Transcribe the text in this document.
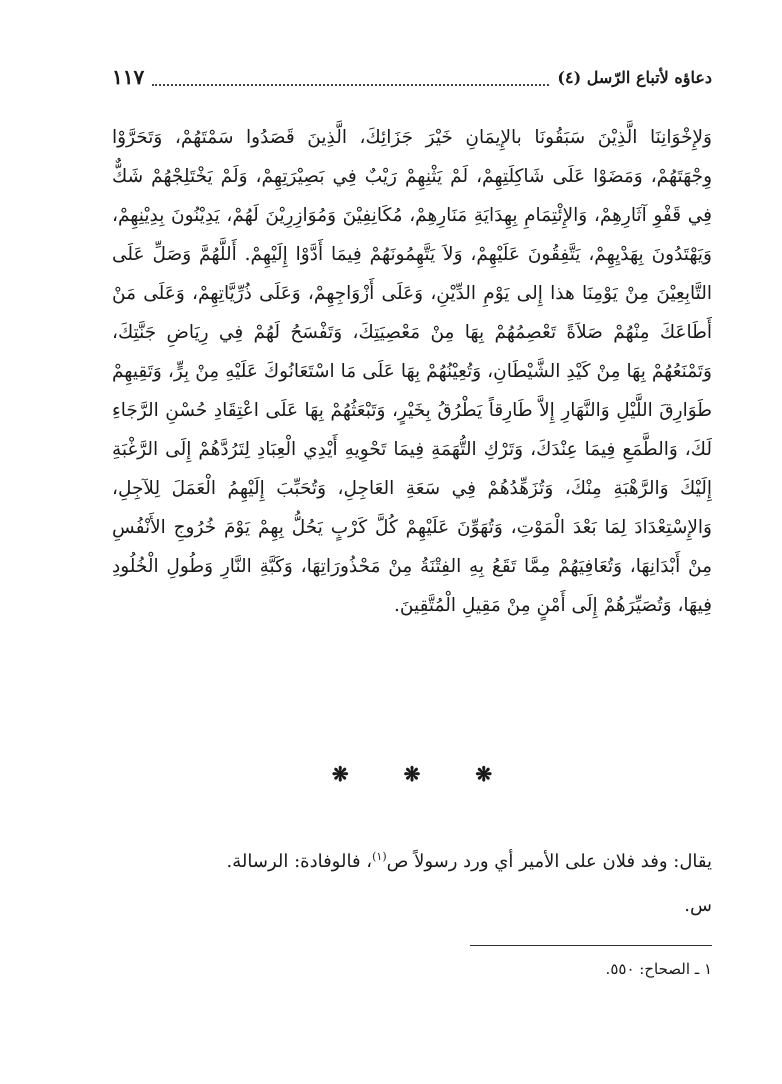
دعاؤه لأتباع الرّسل (٤)
١١٧

وَلإِخْوَانِنَا الَّذِيْنَ سَبَقُونَا بالإِيمَانِ خَيْرَ جَزَائِكَ، الَّذِينَ قَصَدُوا سَمْتَهُمْ، وَتَحَرَّوْا وِجْهَتَهُمْ، وَمَضَوْا عَلَى شَاكِلَتِهِمْ، لَمْ يَثْنِهِمْ رَيْبٌ فِي بَصِيْرَتِهِمْ، وَلَمْ يَخْتَلِجْهُمْ شَكٌّ فِي قَفْوِ آثَارِهِمْ، وَالإِئْتِمَامِ بِهِدَايَةِ مَنَارِهِمْ، مُكَانِفِيْنَ وَمُوَازِرِيْنَ لَهُمْ، يَدِيْنُونَ بِدِيْنِهِمْ، وَيَهْتَدُونَ بِهَدْيِهِمْ، يَتَّفِقُونَ عَلَيْهِمْ، وَلاَ يَتَّهِمُونَهُمْ فِيمَا أَدَّوْا إِلَيْهِمْ. أَللَّهُمَّ وَصَلِّ عَلَى التَّابِعِيْنَ مِنْ يَوْمِنَا هذا إِلى يَوْمِ الدِّيْنِ، وَعَلَى أَزْوَاجِهِمْ، وَعَلَى ذُرِّيَّاتِهِمْ، وَعَلَى مَنْ أَطَاعَكَ مِنْهُمْ صَلاَةً تَعْصِمُهُمْ بِهَا مِنْ مَعْصِيَتِكَ، وَتَفْسَحُ لَهُمْ فِي رِيَاضِ جَنَّتِكَ، وَتَمْنَعُهُمْ بِهَا مِنْ كَيْدِ الشَّيْطَانِ، وَتُعِيْنُهُمْ بِهَا عَلَى مَا اسْتَعَانُوكَ عَلَيْهِ مِنْ بِرٍّ، وَتَقِيهِمْ طَوَارِقَ اللَّيْلِ وَالنَّهَارِ إِلاَّ طَارِقاً يَطْرُقُ بِخَيْرٍ، وَتَبْعَثُهُمْ بِهَا عَلَى اعْتِقَادِ حُسْنِ الرَّجَاءِ لَكَ، وَالطَّمَعِ فِيمَا عِنْدَكَ، وَتَرْكِ التُّهَمَةِ فِيمَا تَحْوِيهِ أَيْدِي الْعِبَادِ لِتَرُدَّهُمْ إِلَى الرَّغْبَةِ إِلَيْكَ وَالرَّهْبَةِ مِنْكَ، وَتُزَهِّدُهُمْ فِي سَعَةِ العَاجِلِ، وَتُحَبِّبَ إِلَيْهِمُ الْعَمَلَ لِلآجِلِ، وَالإِسْتِعْدَادَ لِمَا بَعْدَ الْمَوْتِ، وَتُهَوِّنَ عَلَيْهِمْ كُلَّ كَرْبٍ يَحُلُّ بِهِمْ يَوْمَ خُرُوجِ الأَنْفُسِ مِنْ أَبْدَانِهَا، وَتُعَافِيَهُمْ مِمَّا تَقَعُ بِهِ الفِتْنَةُ مِنْ مَحْذُورَاتِهَا، وَكَبَّةِ النَّارِ وَطُولِ الْخُلُودِ فِيهَا، وَتُصَيِّرَهُمْ إِلَى أَمْنٍ مِنْ مَقِيلِ الْمُتَّقِينَ.

❋ ❋ ❋

يقال: وفد فلان على الأمير أي ورد رسولاً ص$^{(١)}$، فالوفادة: الرسالة.

س.

١ ـ الصحاح: ٥٥٠.
